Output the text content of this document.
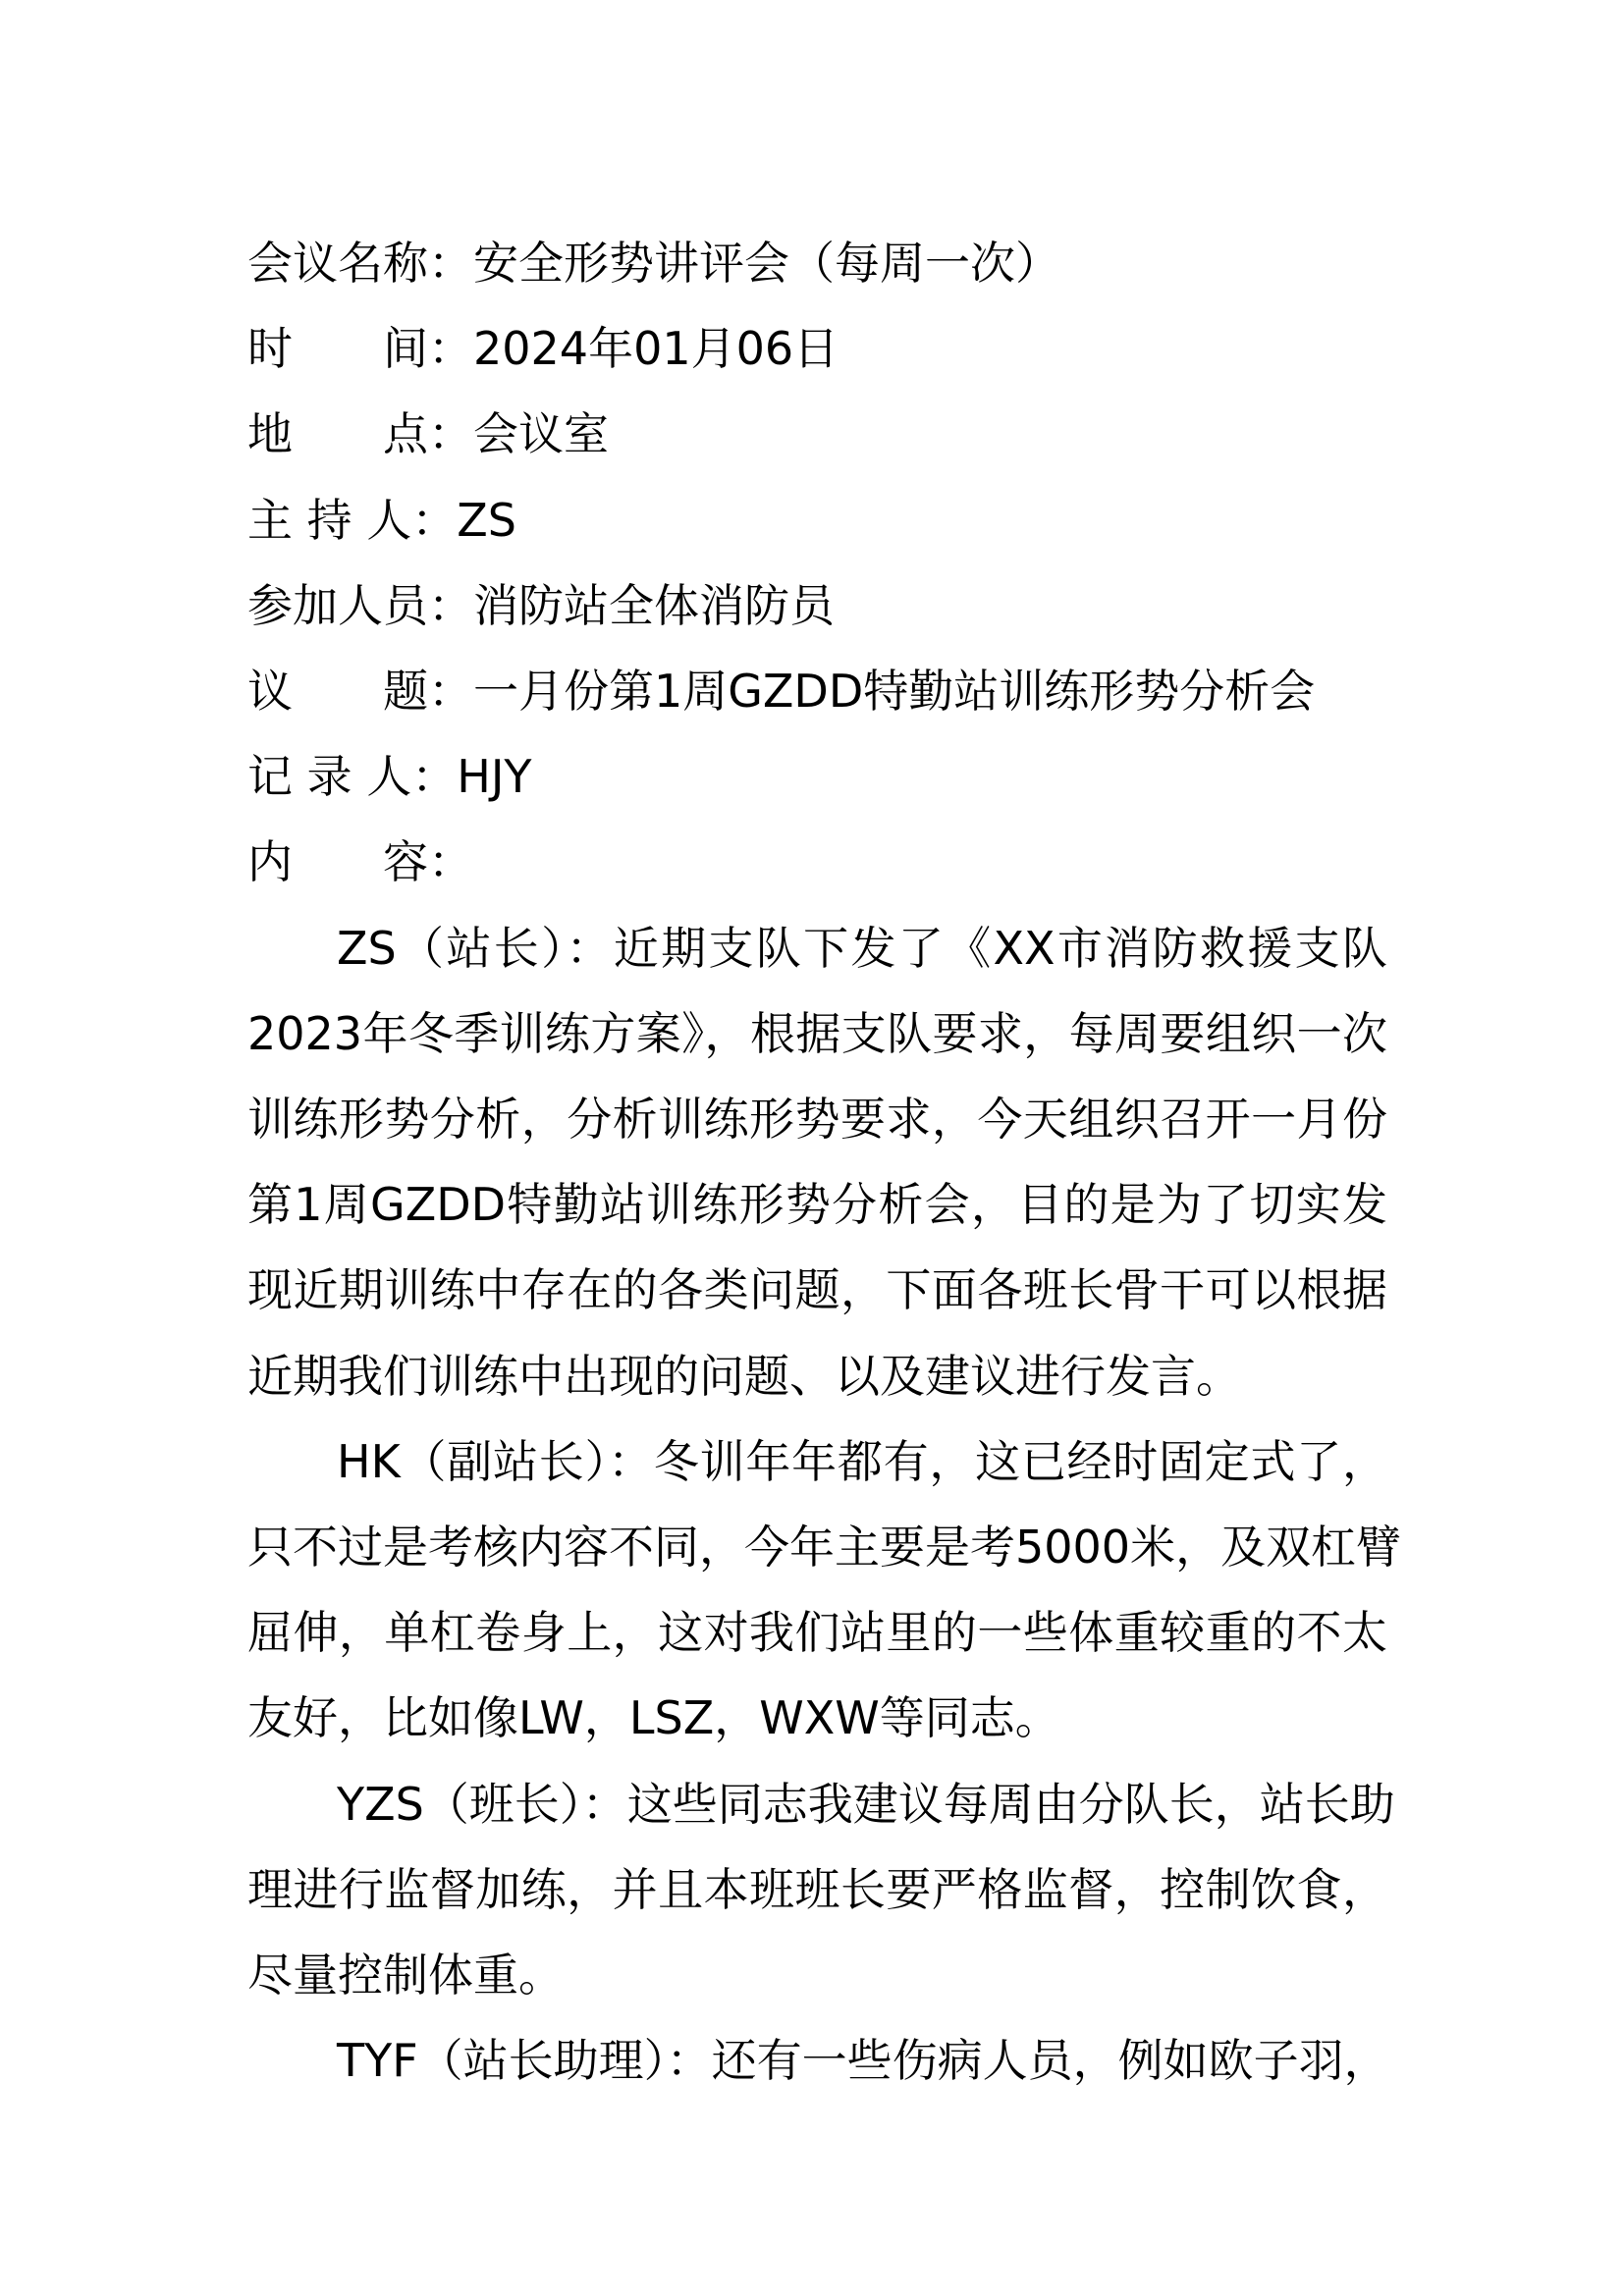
会议名称：安全形势讲评会（每周一次）
时　　间：2024年01月06日
地　　点：会议室
主 持 人：ZS
参加人员：消防站全体消防员
议　　题：一月份第1周GZDD特勤站训练形势分析会
记 录 人：HJY
内　　容：
ZS（站长）：近期支队下发了《XX市消防救援支队
2023年冬季训练方案》，根据支队要求，每周要组织一次
训练形势分析，分析训练形势要求，今天组织召开一月份
第1周GZDD特勤站训练形势分析会，目的是为了切实发
现近期训练中存在的各类问题，下面各班长骨干可以根据
近期我们训练中出现的问题、以及建议进行发言。
HK（副站长）：冬训年年都有，这已经时固定式了，
只不过是考核内容不同，今年主要是考5000米，及双杠臂
屈伸，单杠卷身上，这对我们站里的一些体重较重的不太
友好，比如像LW，LSZ，WXW等同志。
YZS（班长）：这些同志我建议每周由分队长，站长助
理进行监督加练，并且本班班长要严格监督，控制饮食，
尽量控制体重。
TYF（站长助理）：还有一些伤病人员，例如欧子羽，
